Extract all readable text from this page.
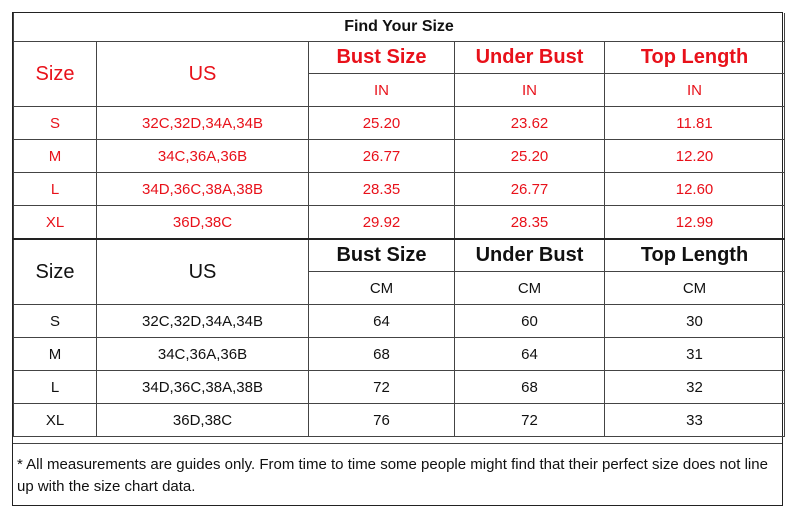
Find Your Size				
Size	US	Bust Size	Under Bust	Top Length
		IN	IN	IN
S	32C,32D,34A,34B	25.20	23.62	11.81
M	34C,36A,36B	26.77	25.20	12.20
L	34D,36C,38A,38B	28.35	26.77	12.60
XL	36D,38C	29.92	28.35	12.99
Size	US	Bust Size	Under Bust	Top Length
		CM	CM	CM
S	32C,32D,34A,34B	64	60	30
M	34C,36A,36B	68	64	31
L	34D,36C,38A,38B	72	68	32
XL	36D,38C	76	72	33
* All measurements are guides only. From time to time some people might find that their perfect size does not line up with the size chart data.
